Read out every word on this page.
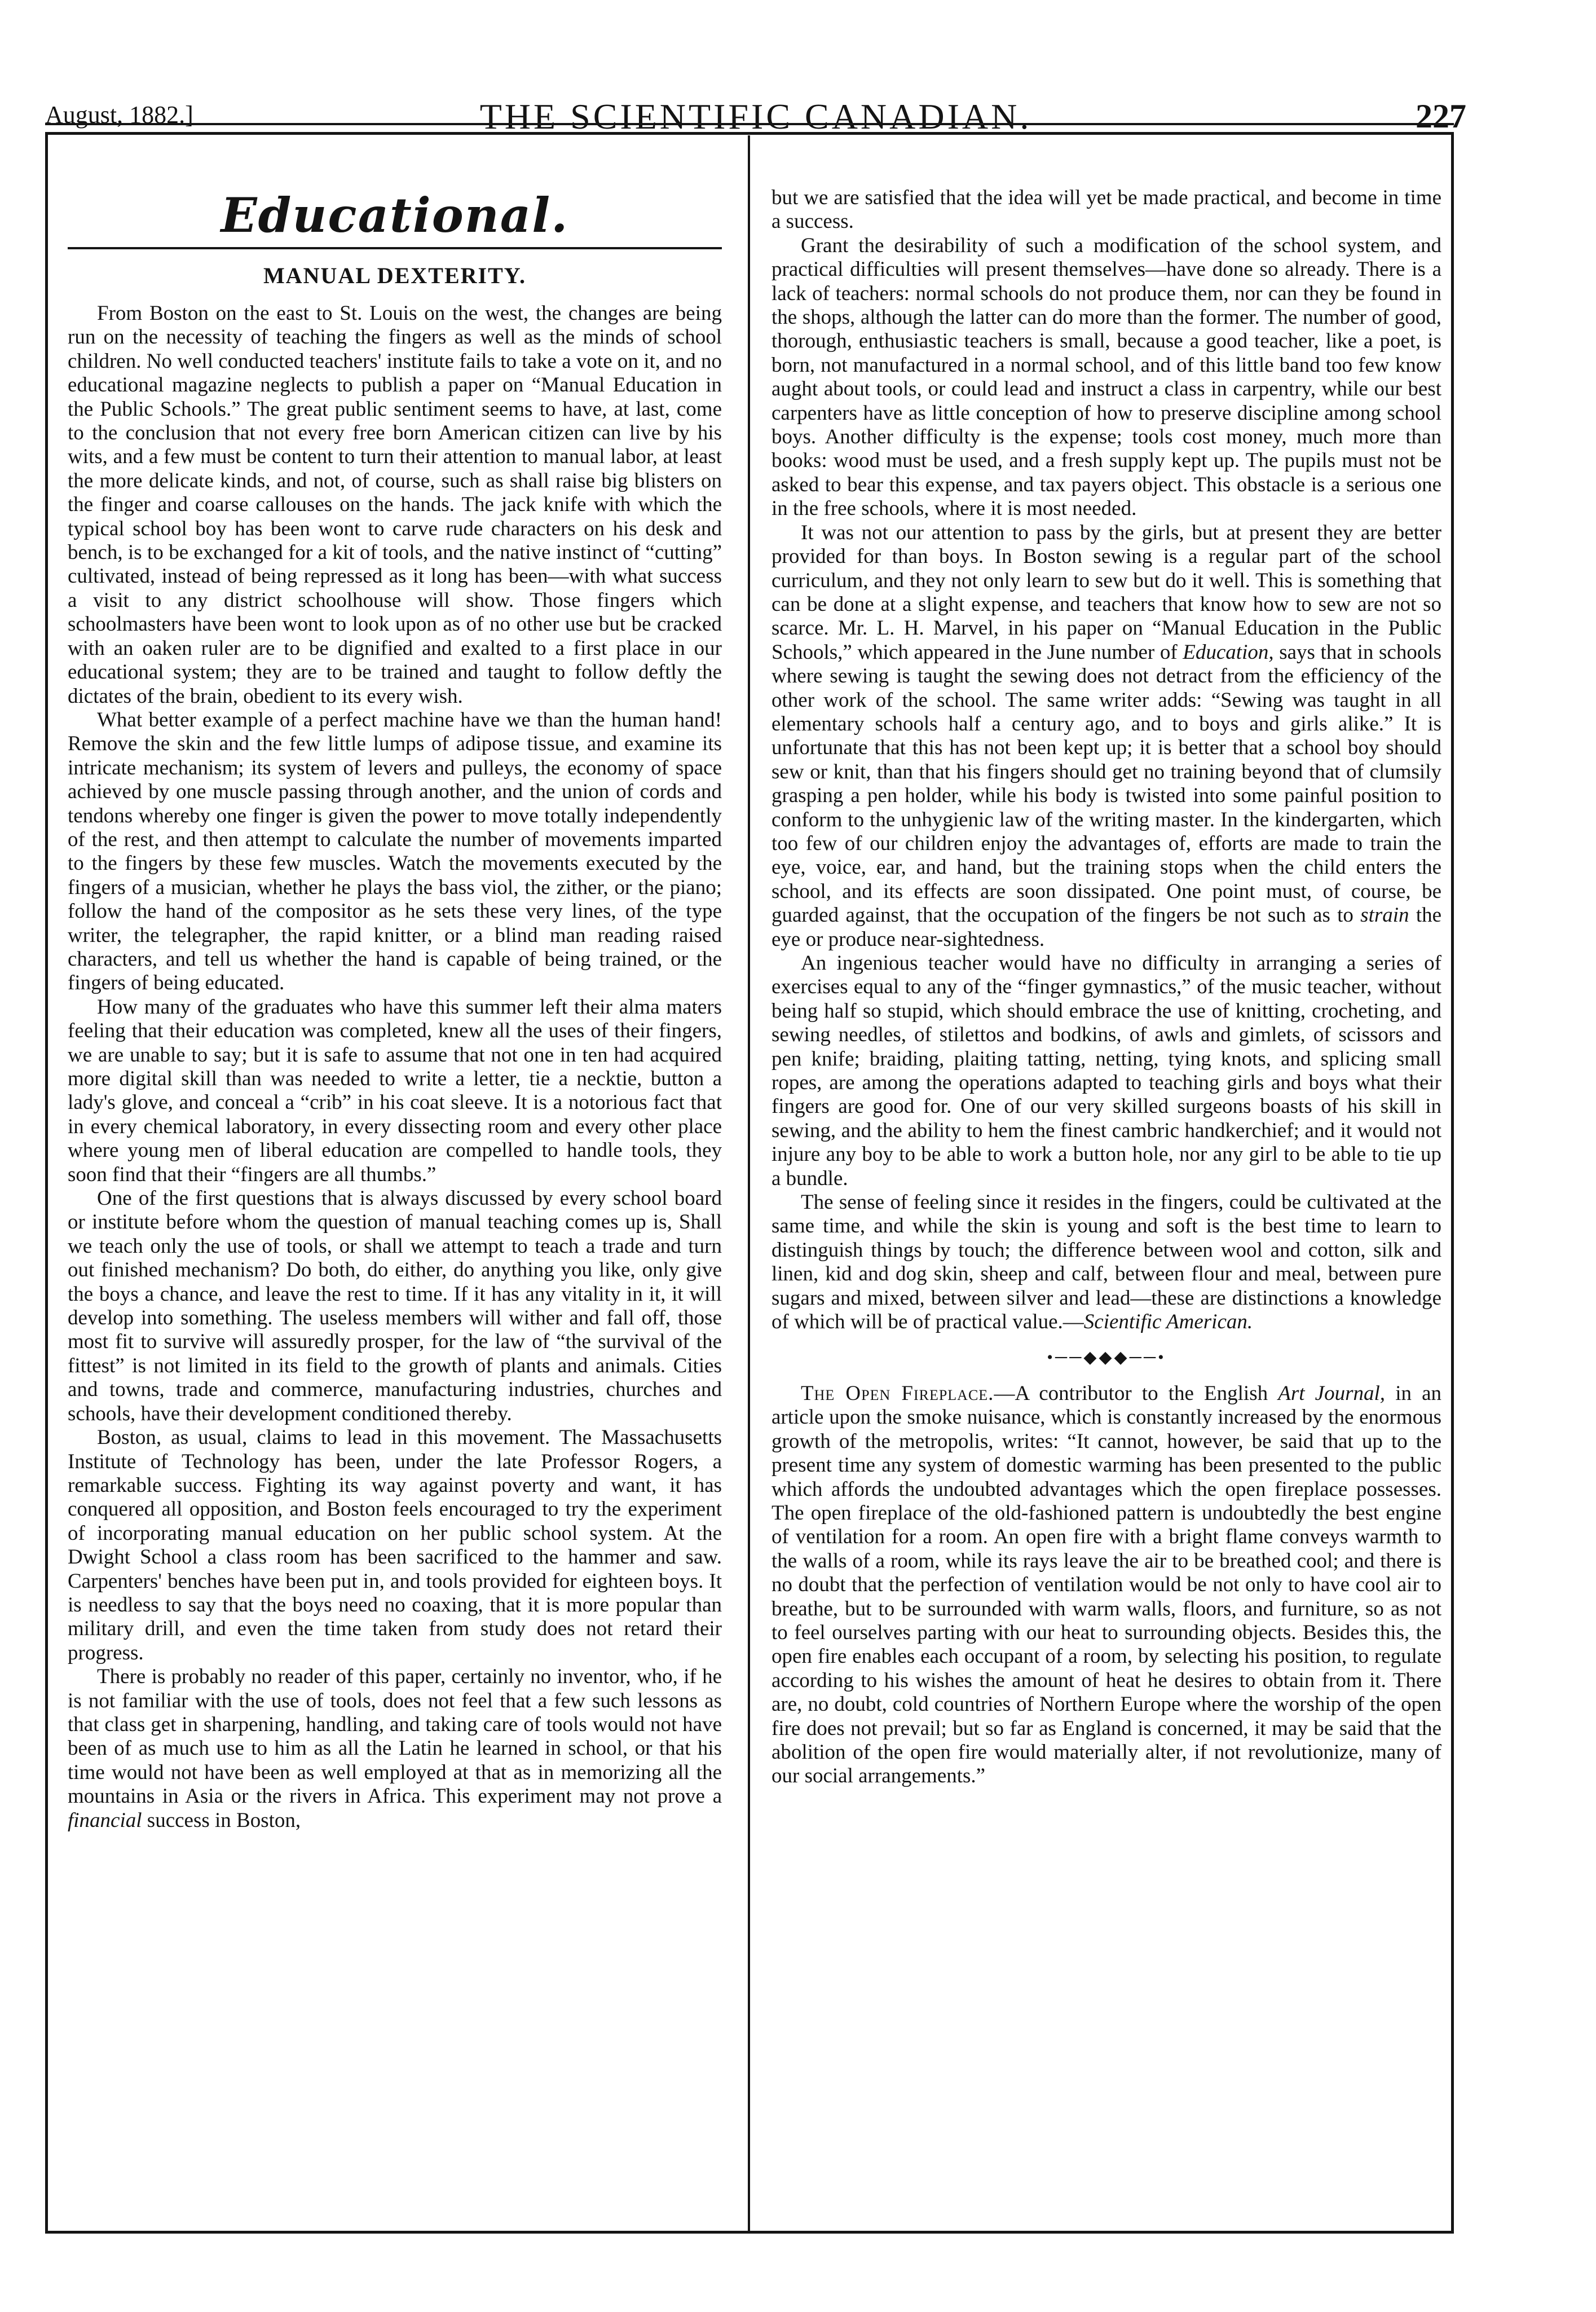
August, 1882.]	THE SCIENTIFIC CANADIAN.	227
Educational.
MANUAL DEXTERITY.

From Boston on the east to St. Louis on the west, the changes are being run on the necessity of teaching the fingers as well as the minds of school children. No well conducted teachers' institute fails to take a vote on it, and no educational magazine neglects to publish a paper on “Manual Education in the Public Schools.” The great public sentiment seems to have, at last, come to the conclusion that not every free born American citizen can live by his wits, and a few must be content to turn their attention to manual labor, at least the more delicate kinds, and not, of course, such as shall raise big blisters on the finger and coarse callouses on the hands. The jack knife with which the typical school boy has been wont to carve rude characters on his desk and bench, is to be exchanged for a kit of tools, and the native instinct of “cutting” cultivated, instead of being repressed as it long has been—with what success a visit to any district schoolhouse will show. Those fingers which schoolmasters have been wont to look upon as of no other use but be cracked with an oaken ruler are to be dignified and exalted to a first place in our educational system; they are to be trained and taught to follow deftly the dictates of the brain, obedient to its every wish.

What better example of a perfect machine have we than the human hand! Remove the skin and the few little lumps of adipose tissue, and examine its intricate mechanism; its system of levers and pulleys, the economy of space achieved by one muscle passing through another, and the union of cords and tendons whereby one finger is given the power to move totally independently of the rest, and then attempt to calculate the number of movements imparted to the fingers by these few muscles. Watch the movements executed by the fingers of a musician, whether he plays the bass viol, the zither, or the piano; follow the hand of the compositor as he sets these very lines, of the type writer, the telegrapher, the rapid knitter, or a blind man reading raised characters, and tell us whether the hand is capable of being trained, or the fingers of being educated.

How many of the graduates who have this summer left their alma maters feeling that their education was completed, knew all the uses of their fingers, we are unable to say; but it is safe to assume that not one in ten had acquired more digital skill than was needed to write a letter, tie a necktie, button a lady's glove, and conceal a “crib” in his coat sleeve. It is a notorious fact that in every chemical laboratory, in every dissecting room and every other place where young men of liberal education are compelled to handle tools, they soon find that their “fingers are all thumbs.”

One of the first questions that is always discussed by every school board or institute before whom the question of manual teaching comes up is, Shall we teach only the use of tools, or shall we attempt to teach a trade and turn out finished mechanism? Do both, do either, do anything you like, only give the boys a chance, and leave the rest to time. If it has any vitality in it, it will develop into something. The useless members will wither and fall off, those most fit to survive will assuredly prosper, for the law of “the survival of the fittest” is not limited in its field to the growth of plants and animals. Cities and towns, trade and commerce, manufacturing industries, churches and schools, have their development conditioned thereby.

Boston, as usual, claims to lead in this movement. The Massachusetts Institute of Technology has been, under the late Professor Rogers, a remarkable success. Fighting its way against poverty and want, it has conquered all opposition, and Boston feels encouraged to try the experiment of incorporating manual education on her public school system. At the Dwight School a class room has been sacrificed to the hammer and saw. Carpenters' benches have been put in, and tools provided for eighteen boys. It is needless to say that the boys need no coaxing, that it is more popular than military drill, and even the time taken from study does not retard their progress.

There is probably no reader of this paper, certainly no inventor, who, if he is not familiar with the use of tools, does not feel that a few such lessons as that class get in sharpening, handling, and taking care of tools would not have been of as much use to him as all the Latin he learned in school, or that his time would not have been as well employed at that as in memorizing all the mountains in Asia or the rivers in Africa. This experiment may not prove a financial success in Boston,

but we are satisfied that the idea will yet be made practical, and become in time a success.

Grant the desirability of such a modification of the school system, and practical difficulties will present themselves—have done so already. There is a lack of teachers: normal schools do not produce them, nor can they be found in the shops, although the latter can do more than the former. The number of good, thorough, enthusiastic teachers is small, because a good teacher, like a poet, is born, not manufactured in a normal school, and of this little band too few know aught about tools, or could lead and instruct a class in carpentry, while our best carpenters have as little conception of how to preserve discipline among school boys. Another difficulty is the expense; tools cost money, much more than books: wood must be used, and a fresh supply kept up. The pupils must not be asked to bear this expense, and tax payers object. This obstacle is a serious one in the free schools, where it is most needed.

It was not our attention to pass by the girls, but at present they are better provided for than boys. In Boston sewing is a regular part of the school curriculum, and they not only learn to sew but do it well. This is something that can be done at a slight expense, and teachers that know how to sew are not so scarce. Mr. L. H. Marvel, in his paper on “Manual Education in the Public Schools,” which appeared in the June number of Education, says that in schools where sewing is taught the sewing does not detract from the efficiency of the other work of the school. The same writer adds: “Sewing was taught in all elementary schools half a century ago, and to boys and girls alike.” It is unfortunate that this has not been kept up; it is better that a school boy should sew or knit, than that his fingers should get no training beyond that of clumsily grasping a pen holder, while his body is twisted into some painful position to conform to the unhygienic law of the writing master. In the kindergarten, which too few of our children enjoy the advantages of, efforts are made to train the eye, voice, ear, and hand, but the training stops when the child enters the school, and its effects are soon dissipated. One point must, of course, be guarded against, that the occupation of the fingers be not such as to strain the eye or produce near-sightedness.

An ingenious teacher would have no difficulty in arranging a series of exercises equal to any of the “finger gymnastics,” of the music teacher, without being half so stupid, which should embrace the use of knitting, crocheting, and sewing needles, of stilettos and bodkins, of awls and gimlets, of scissors and pen knife; braiding, plaiting tatting, netting, tying knots, and splicing small ropes, are among the operations adapted to teaching girls and boys what their fingers are good for. One of our very skilled surgeons boasts of his skill in sewing, and the ability to hem the finest cambric handkerchief; and it would not injure any boy to be able to work a button hole, nor any girl to be able to tie up a bundle.

The sense of feeling since it resides in the fingers, could be cultivated at the same time, and while the skin is young and soft is the best time to learn to distinguish things by touch; the difference between wool and cotton, silk and linen, kid and dog skin, sheep and calf, between flour and meal, between pure sugars and mixed, between silver and lead—these are distinctions a knowledge of which will be of practical value.—Scientific American.

•──◆◆◆──•

The Open Fireplace.—A contributor to the English Art Journal, in an article upon the smoke nuisance, which is constantly increased by the enormous growth of the metropolis, writes: “It cannot, however, be said that up to the present time any system of domestic warming has been presented to the public which affords the undoubted advantages which the open fireplace possesses. The open fireplace of the old-fashioned pattern is undoubtedly the best engine of ventilation for a room. An open fire with a bright flame conveys warmth to the walls of a room, while its rays leave the air to be breathed cool; and there is no doubt that the perfection of ventilation would be not only to have cool air to breathe, but to be surrounded with warm walls, floors, and furniture, so as not to feel ourselves parting with our heat to surrounding objects. Besides this, the open fire enables each occupant of a room, by selecting his position, to regulate according to his wishes the amount of heat he desires to obtain from it. There are, no doubt, cold countries of Northern Europe where the worship of the open fire does not prevail; but so far as England is concerned, it may be said that the abolition of the open fire would materially alter, if not revolutionize, many of our social arrangements.”
